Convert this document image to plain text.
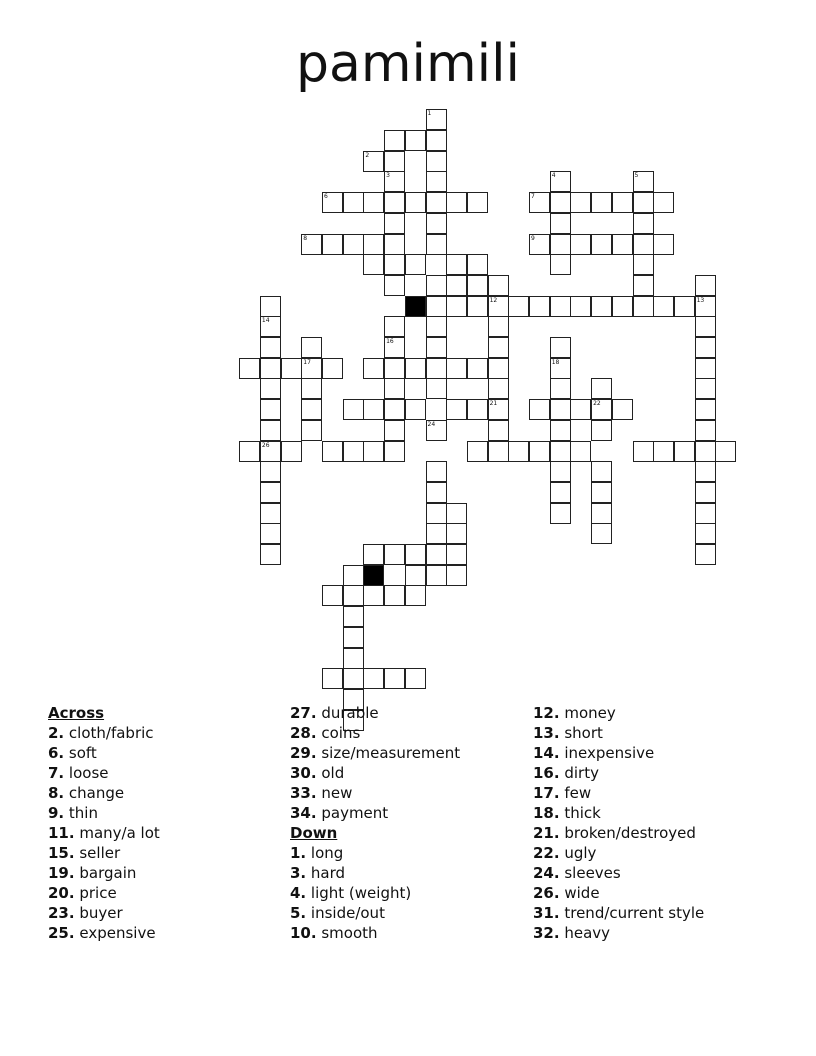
pamimili
2
1
6	7
4	5
8	9
3
12	13
14
26
17
16
21
18
22
24
Across
2. cloth/fabric
6. soft
7. loose
8. change
9. thin
11. many/a lot
15. seller
19. bargain
20. price
23. buyer
25. expensive
27. durable
28. coins
29. size/measurement
30. old
33. new
34. payment
Down
1. long
3. hard
4. light (weight)
5. inside/out
10. smooth
12. money
13. short
14. inexpensive
16. dirty
17. few
18. thick
21. broken/destroyed
22. ugly
24. sleeves
26. wide
31. trend/current style
32. heavy
